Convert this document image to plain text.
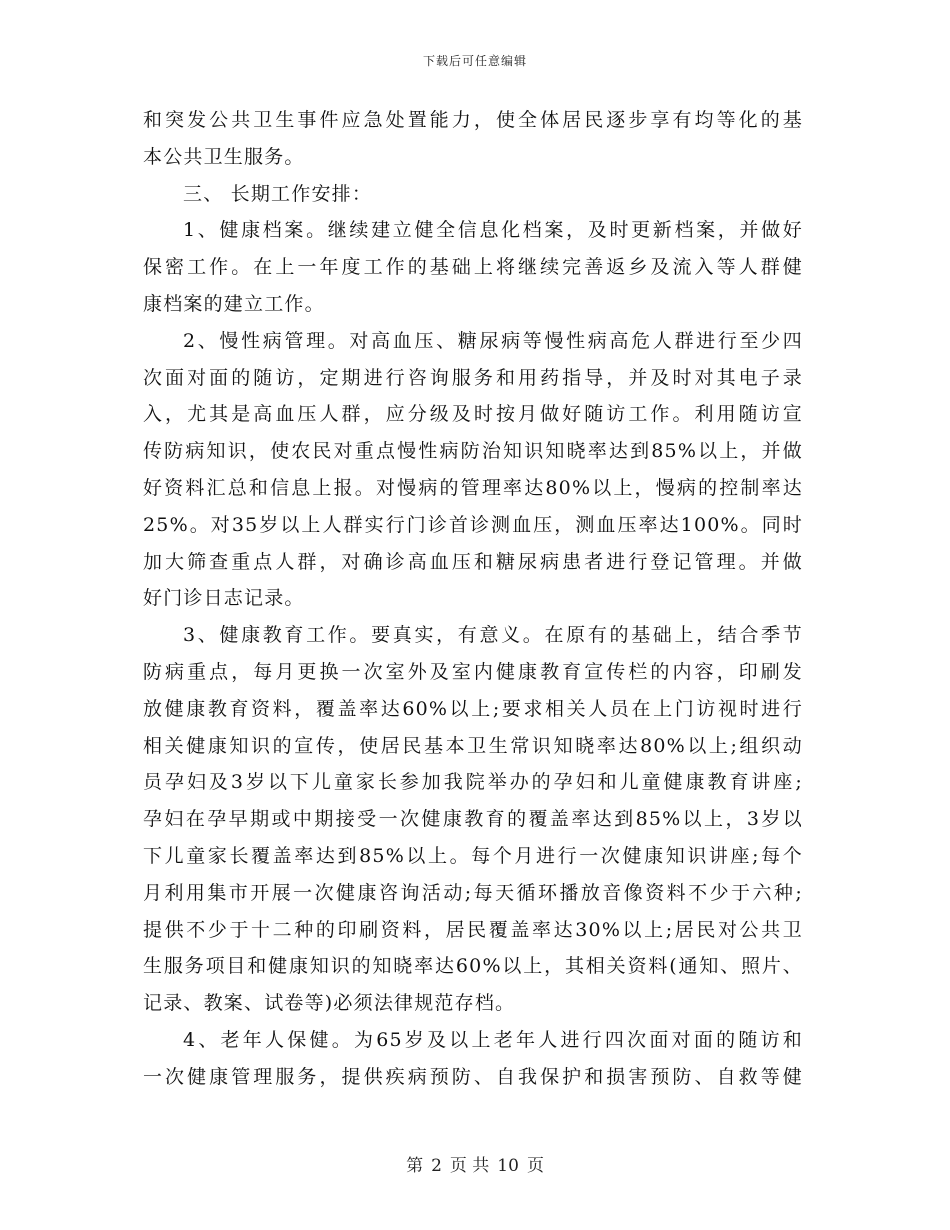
下载后可任意编辑
和突发公共卫生事件应急处置能力，使全体居民逐步享有均等化的基
本公共卫生服务。
三、 长期工作安排：
1、健康档案。继续建立健全信息化档案，及时更新档案，并做好
保密工作。在上一年度工作的基础上将继续完善返乡及流入等人群健
康档案的建立工作。
2、慢性病管理。对高血压、糖尿病等慢性病高危人群进行至少四
次面对面的随访，定期进行咨询服务和用药指导，并及时对其电子录
入，尤其是高血压人群，应分级及时按月做好随访工作。利用随访宣
传防病知识，使农民对重点慢性病防治知识知晓率达到85%以上，并做
好资料汇总和信息上报。对慢病的管理率达80%以上，慢病的控制率达
25%。对35岁以上人群实行门诊首诊测血压，测血压率达100%。同时
加大筛查重点人群，对确诊高血压和糖尿病患者进行登记管理。并做
好门诊日志记录。
3、健康教育工作。要真实，有意义。在原有的基础上，结合季节
防病重点，每月更换一次室外及室内健康教育宣传栏的内容，印刷发
放健康教育资料，覆盖率达60%以上;要求相关人员在上门访视时进行
相关健康知识的宣传，使居民基本卫生常识知晓率达80%以上;组织动
员孕妇及3岁以下儿童家长参加我院举办的孕妇和儿童健康教育讲座;
孕妇在孕早期或中期接受一次健康教育的覆盖率达到85%以上，3岁以
下儿童家长覆盖率达到85%以上。每个月进行一次健康知识讲座;每个
月利用集市开展一次健康咨询活动;每天循环播放音像资料不少于六种;
提供不少于十二种的印刷资料，居民覆盖率达30%以上;居民对公共卫
生服务项目和健康知识的知晓率达60%以上，其相关资料(通知、照片、
记录、教案、试卷等)必须法律规范存档。
4、老年人保健。为65岁及以上老年人进行四次面对面的随访和
一次健康管理服务，提供疾病预防、自我保护和损害预防、自救等健
第 2 页 共 10 页
